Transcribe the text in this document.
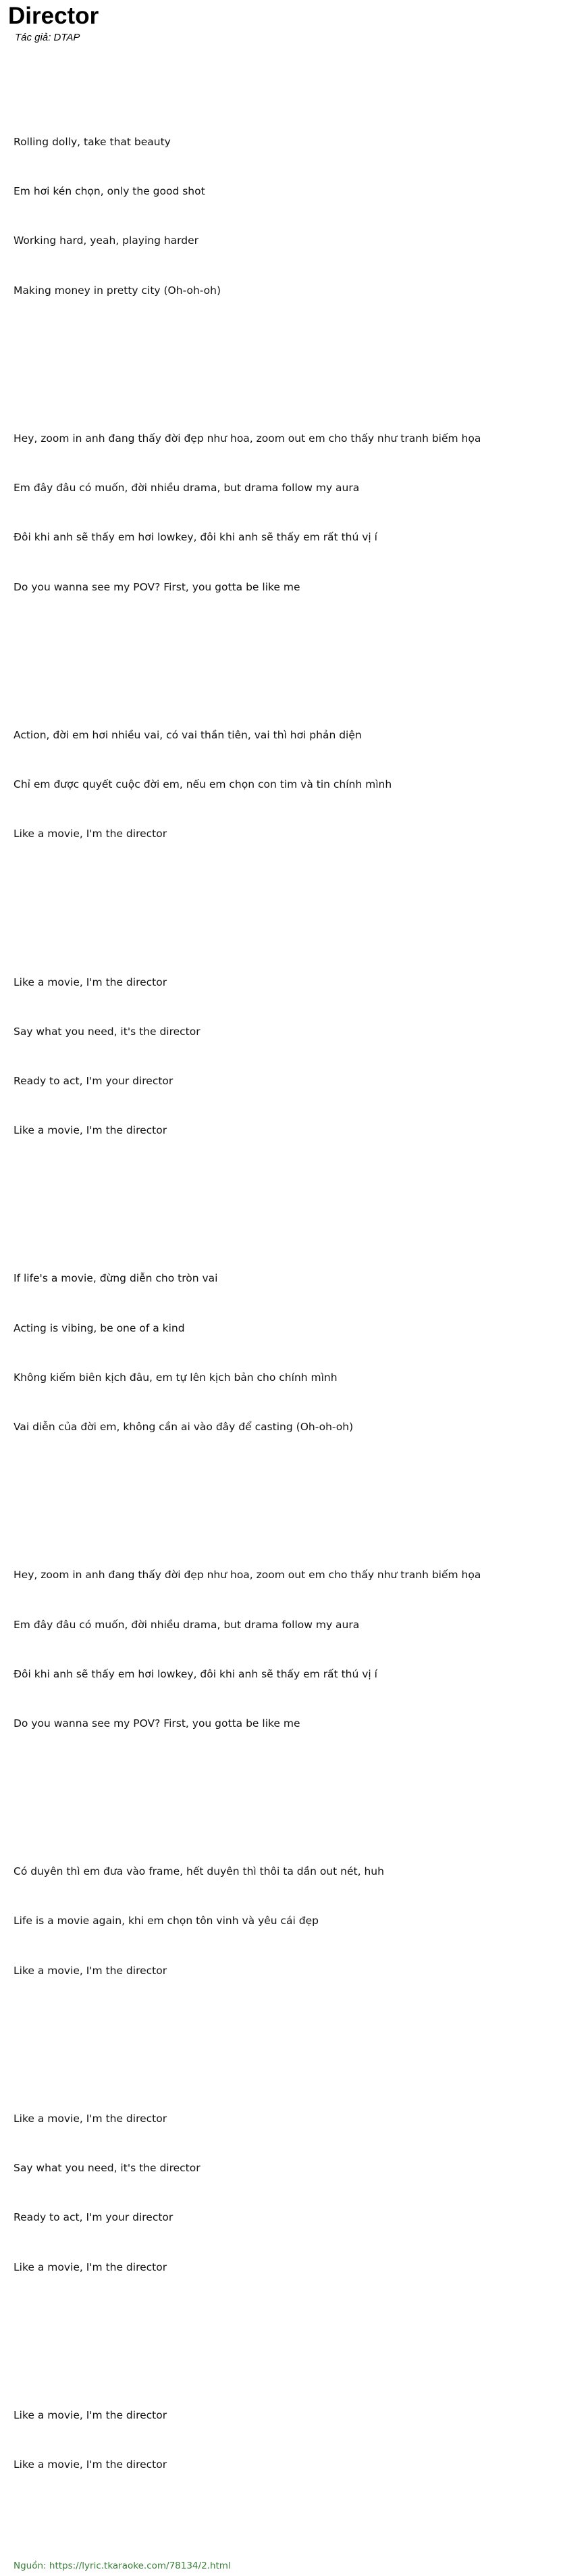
Director
Tác giả: DTAP

Rolling dolly, take that beauty

Em hơi kén chọn, only the good shot

Working hard, yeah, playing harder

Making money in pretty city (Oh-oh-oh)

Hey, zoom in anh đang thấy đời đẹp như hoa, zoom out em cho thấy như tranh biếm họa

Em đây đâu có muốn, đời nhiều drama, but drama follow my aura

Đôi khi anh sẽ thấy em hơi lowkey, đôi khi anh sẽ thấy em rất thú vị í

Do you wanna see my POV? First, you gotta be like me

Action, đời em hơi nhiều vai, có vai thần tiên, vai thì hơi phản diện

Chỉ em được quyết cuộc đời em, nếu em chọn con tim và tin chính mình

Like a movie, I'm the director

Like a movie, I'm the director

Say what you need, it's the director

Ready to act, I'm your director

Like a movie, I'm the director

If life's a movie, đừng diễn cho tròn vai

Acting is vibing, be one of a kind

Không kiếm biên kịch đâu, em tự lên kịch bản cho chính mình

Vai diễn của đời em, không cần ai vào đây để casting (Oh-oh-oh)

Hey, zoom in anh đang thấy đời đẹp như hoa, zoom out em cho thấy như tranh biếm họa

Em đây đâu có muốn, đời nhiều drama, but drama follow my aura

Đôi khi anh sẽ thấy em hơi lowkey, đôi khi anh sẽ thấy em rất thú vị í

Do you wanna see my POV? First, you gotta be like me

Có duyên thì em đưa vào frame, hết duyên thì thôi ta dần out nét, huh

Life is a movie again, khi em chọn tôn vinh và yêu cái đẹp

Like a movie, I'm the director

Like a movie, I'm the director

Say what you need, it's the director

Ready to act, I'm your director

Like a movie, I'm the director

Like a movie, I'm the director

Like a movie, I'm the director

Nguồn: https://lyric.tkaraoke.com/78134/2.html
